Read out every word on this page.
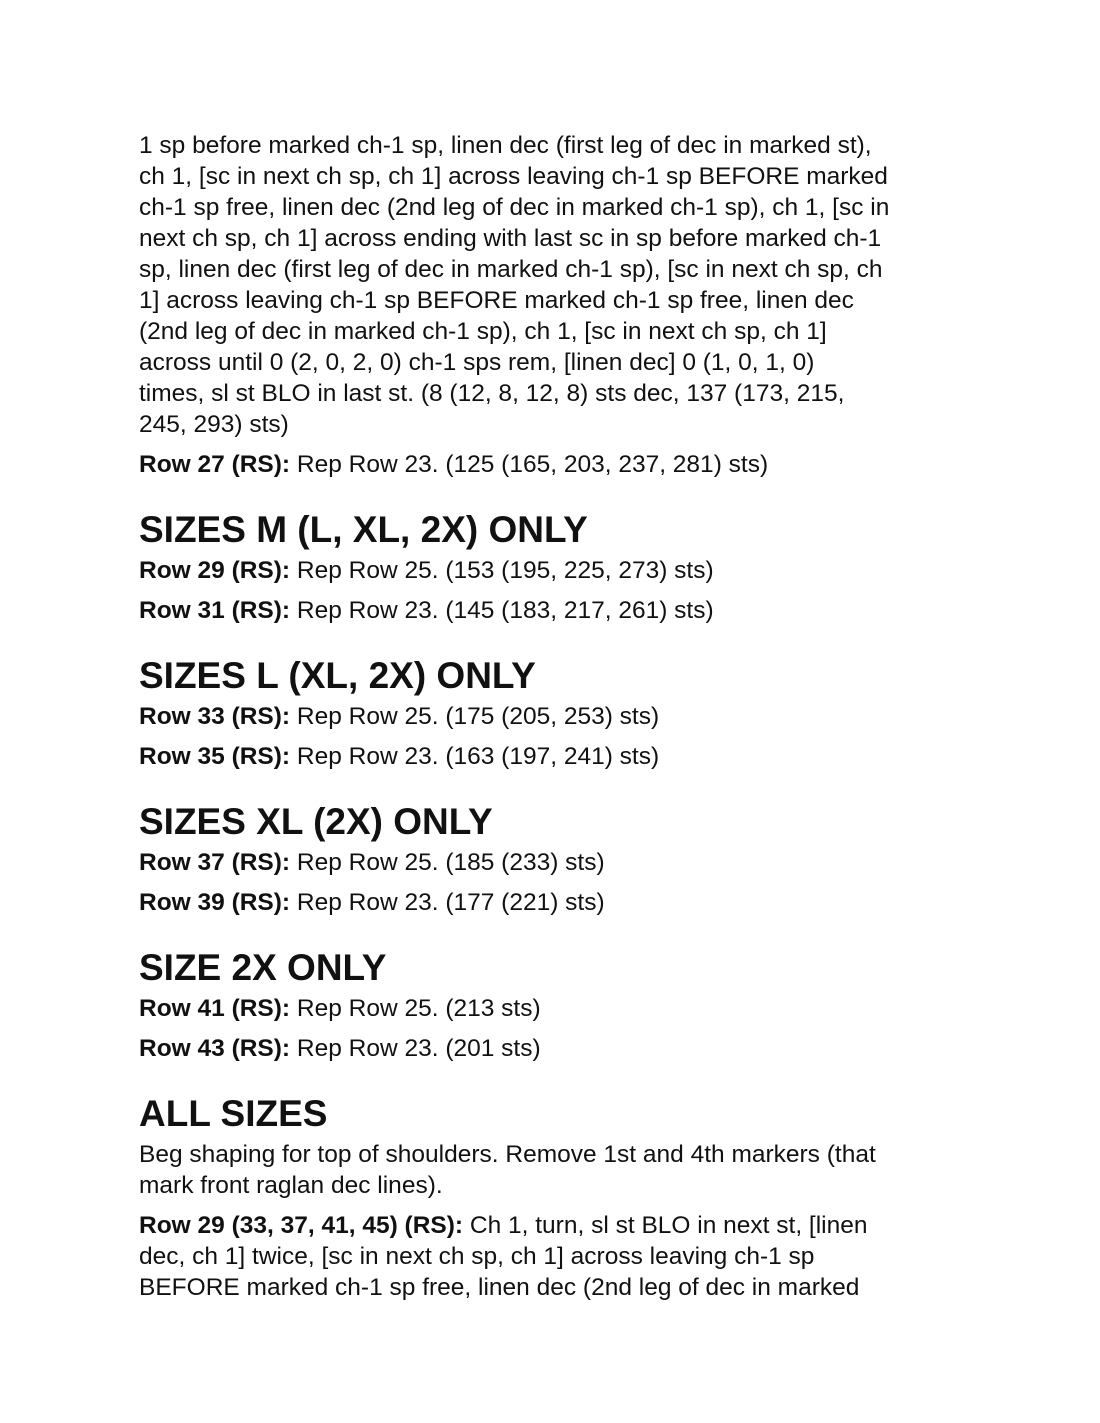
1 sp before marked ch-1 sp, linen dec (first leg of dec in marked st),
ch 1, [sc in next ch sp, ch 1] across leaving ch-1 sp BEFORE marked
ch-1 sp free, linen dec (2nd leg of dec in marked ch-1 sp), ch 1, [sc in
next ch sp, ch 1] across ending with last sc in sp before marked ch-1
sp, linen dec (first leg of dec in marked ch-1 sp), [sc in next ch sp, ch
1] across leaving ch-1 sp BEFORE marked ch-1 sp free, linen dec
(2nd leg of dec in marked ch-1 sp), ch 1, [sc in next ch sp, ch 1]
across until 0 (2, 0, 2, 0) ch-1 sps rem, [linen dec] 0 (1, 0, 1, 0)
times, sl st BLO in last st. (8 (12, 8, 12, 8) sts dec, 137 (173, 215,
245, 293) sts)

Row 27 (RS): Rep Row 23. (125 (165, 203, 237, 281) sts)

SIZES M (L, XL, 2X) ONLY

Row 29 (RS): Rep Row 25. (153 (195, 225, 273) sts)

Row 31 (RS): Rep Row 23. (145 (183, 217, 261) sts)

SIZES L (XL, 2X) ONLY

Row 33 (RS): Rep Row 25. (175 (205, 253) sts)

Row 35 (RS): Rep Row 23. (163 (197, 241) sts)

SIZES XL (2X) ONLY

Row 37 (RS): Rep Row 25. (185 (233) sts)

Row 39 (RS): Rep Row 23. (177 (221) sts)

SIZE 2X ONLY

Row 41 (RS): Rep Row 25. (213 sts)

Row 43 (RS): Rep Row 23. (201 sts)

ALL SIZES

Beg shaping for top of shoulders. Remove 1st and 4th markers (that
mark front raglan dec lines).

Row 29 (33, 37, 41, 45) (RS): Ch 1, turn, sl st BLO in next st, [linen
dec, ch 1] twice, [sc in next ch sp, ch 1] across leaving ch-1 sp
BEFORE marked ch-1 sp free, linen dec (2nd leg of dec in marked
